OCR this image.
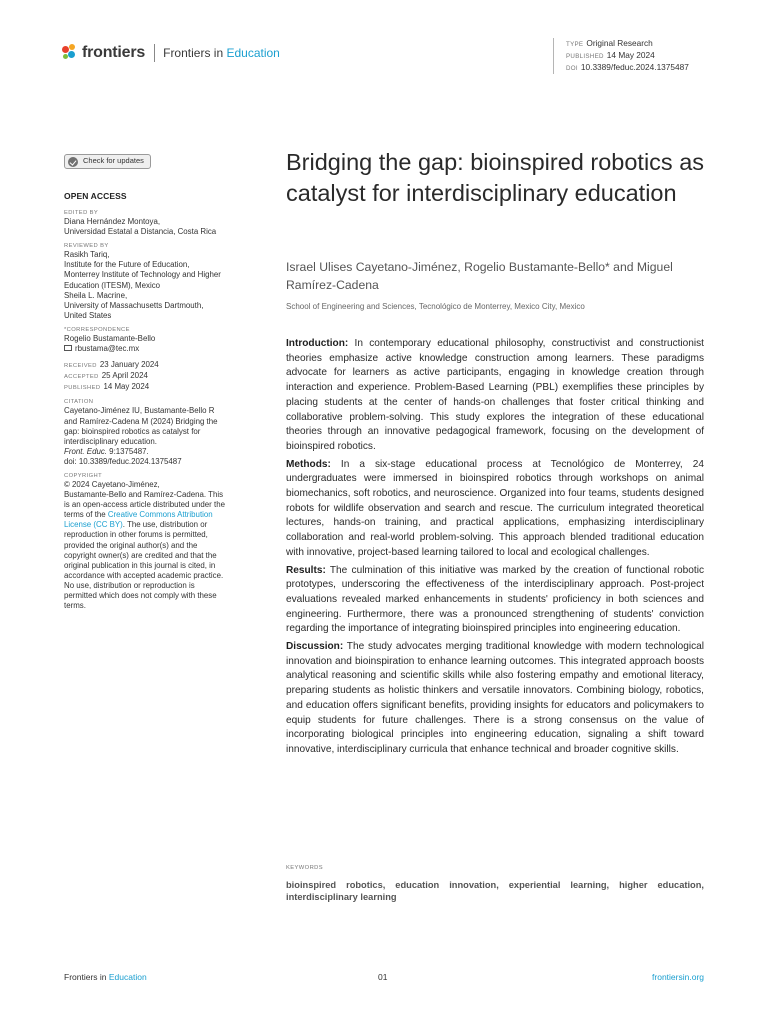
frontiers Frontiers in Education
TYPE Original Research
PUBLISHED 14 May 2024
DOI 10.3389/feduc.2024.1375487
Check for updates
OPEN ACCESS
EDITED BY
Diana Hernández Montoya,
Universidad Estatal a Distancia, Costa Rica
REVIEWED BY
Rasikh Tariq,
Institute for the Future of Education,
Monterrey Institute of Technology and Higher
Education (ITESM), Mexico
Sheila L. Macrine,
University of Massachusetts Dartmouth,
United States
*CORRESPONDENCE
Rogelio Bustamante-Bello
rbustama@tec.mx
RECEIVED 23 January 2024
ACCEPTED 25 April 2024
PUBLISHED 14 May 2024
CITATION
Cayetano-Jiménez IU, Bustamante-Bello R
and Ramírez-Cadena M (2024) Bridging the
gap: bioinspired robotics as catalyst for
interdisciplinary education.
Front. Educ. 9:1375487.
doi: 10.3389/feduc.2024.1375487
COPYRIGHT
© 2024 Cayetano-Jiménez,
Bustamante-Bello and Ramírez-Cadena. This
is an open-access article distributed under the
terms of the Creative Commons Attribution
License (CC BY). The use, distribution or
reproduction in other forums is permitted,
provided the original author(s) and the
copyright owner(s) are credited and that the
original publication in this journal is cited, in
accordance with accepted academic practice.
No use, distribution or reproduction is
permitted which does not comply with these
terms.
Bridging the gap: bioinspired robotics as catalyst for interdisciplinary education
Israel Ulises Cayetano-Jiménez, Rogelio Bustamante-Bello* and Miguel Ramírez-Cadena
School of Engineering and Sciences, Tecnológico de Monterrey, Mexico City, Mexico

Introduction: In contemporary educational philosophy, constructivist and constructionist theories emphasize active knowledge construction among learners. These paradigms advocate for learners as active participants, engaging in knowledge creation through interaction and experience. Problem-Based Learning (PBL) exemplifies these principles by placing students at the center of hands-on challenges that foster critical thinking and collaborative problem-solving. This study explores the integration of these educational theories through an innovative pedagogical framework, focusing on the development of bioinspired robotics.

Methods: In a six-stage educational process at Tecnológico de Monterrey, 24 undergraduates were immersed in bioinspired robotics through workshops on animal biomechanics, soft robotics, and neuroscience. Organized into four teams, students designed robots for wildlife observation and search and rescue. The curriculum integrated theoretical lectures, hands-on training, and practical applications, emphasizing interdisciplinary collaboration and real-world problem-solving. This approach blended traditional education with innovative, project-based learning tailored to local and ecological challenges.

Results: The culmination of this initiative was marked by the creation of functional robotic prototypes, underscoring the effectiveness of the interdisciplinary approach. Post-project evaluations revealed marked enhancements in students' proficiency in both sciences and engineering. Furthermore, there was a pronounced strengthening of students' conviction regarding the importance of integrating bioinspired principles into engineering education.

Discussion: The study advocates merging traditional knowledge with modern technological innovation and bioinspiration to enhance learning outcomes. This integrated approach boosts analytical reasoning and scientific skills while also fostering empathy and emotional literacy, preparing students as holistic thinkers and versatile innovators. Combining biology, robotics, and education offers significant benefits, providing insights for educators and policymakers to equip students for future challenges. There is a strong consensus on the value of incorporating biological principles into engineering education, signaling a shift toward innovative, interdisciplinary curricula that enhance technical and broader cognitive skills.

KEYWORDS
bioinspired robotics, education innovation, experiential learning, higher education, interdisciplinary learning
Frontiers in Education	01	frontiersin.org
